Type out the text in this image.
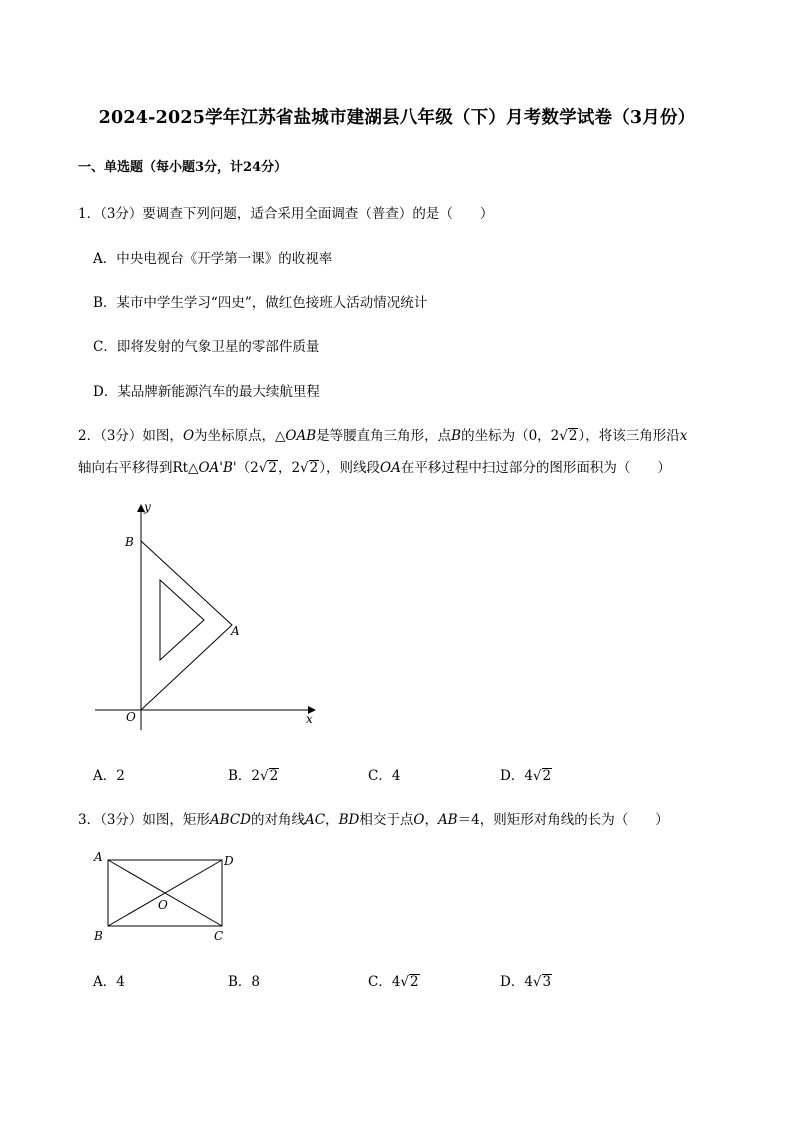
2024-2025学年江苏省盐城市建湖县八年级（下）月考数学试卷（3月份）
一、单选题（每小题3分，计24分）
1．（3分）要调查下列问题，适合采用全面调查（普查）的是（　　）
A．中央电视台《开学第一课》的收视率
B．某市中学生学习“四史”，做红色接班人活动情况统计
C．即将发射的气象卫星的零部件质量
D．某品牌新能源汽车的最大续航里程
2．（3分）如图，O为坐标原点，△OAB是等腰直角三角形，点B的坐标为（0，2√2），将该三角形沿x
轴向右平移得到Rt△OA'B'（2√2，2√2），则线段OA在平移过程中扫过部分的图形面积为（　　）
y
x
B
A
O
A．2	B．2√2	C．4	D．4√2
3．（3分）如图，矩形ABCD的对角线AC，BD相交于点O，AB＝4，则矩形对角线的长为（　　）
A	D
O
B	C
A．4	B．8	C．4√2	D．4√3
